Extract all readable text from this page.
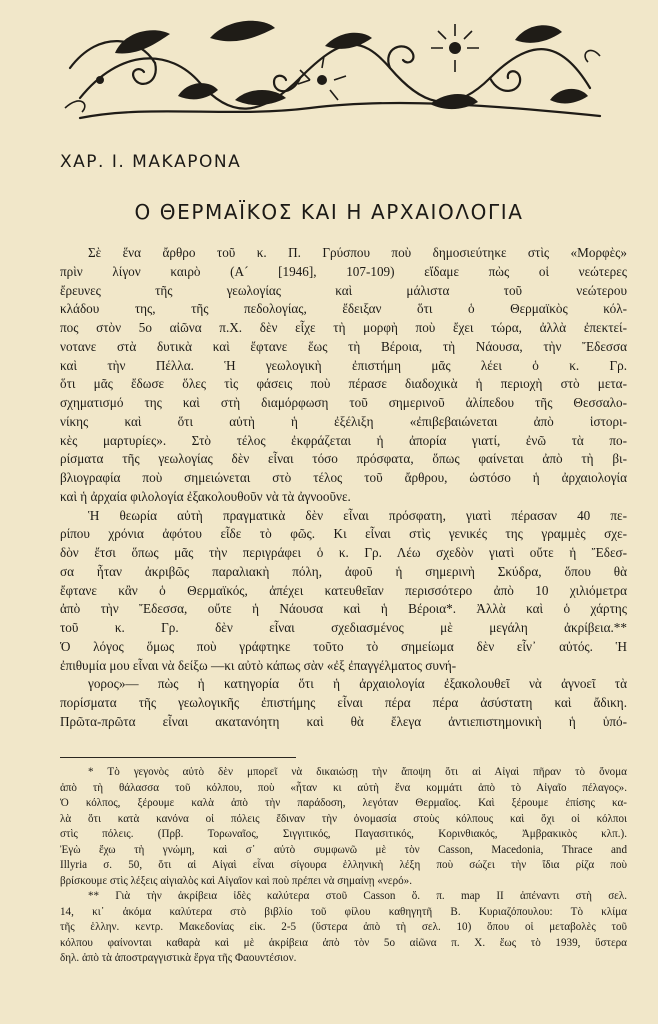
ΧΑΡ. Ι. ΜΑΚΑΡΟΝΑ
Ο ΘΕΡΜΑΪΚΟΣ ΚΑΙ Η ΑΡΧΑΙΟΛΟΓΙΑ
Σὲ ἕνα ἄρθρο τοῦ κ. Π. Γρύσπου ποὺ δημοσιεύτηκε στὶς «Μορφὲς»
πρὶν λίγον καιρὸ (Α´ [1946], 107-109) εἴδαμε πὼς οἱ νεώτερες
ἔρευνες τῆς γεωλογίας καὶ μάλιστα τοῦ νεώτερου
κλάδου της, τῆς πεδολογίας, ἔδειξαν ὅτι ὁ Θερμαϊκὸς κόλ-
πος στὸν 5ο αἰῶνα π.Χ. δὲν εἶχε τὴ μορφὴ ποὺ ἔχει τώρα, ἀλλὰ ἐπεκτεί-
νοτανε στὰ δυτικὰ καὶ ἔφτανε ἕως τὴ Βέροια, τὴ Νάουσα, τὴν Ἔδεσσα
καὶ τὴν Πέλλα. Ἡ γεωλογικὴ ἐπιστήμη μᾶς λέει ὁ κ. Γρ.
ὅτι μᾶς ἔδωσε ὅλες τὶς φάσεις ποὺ πέρασε διαδοχικὰ ἡ περιοχὴ στὸ μετα-
σχηματισμό της καὶ στὴ διαμόρφωση τοῦ σημερινοῦ ἀλίπεδου τῆς Θεσσαλο-
νίκης καὶ ὅτι αὐτὴ ἡ ἐξέλιξη «ἐπιβεβαιώνεται ἀπὸ ἱστορι-
κὲς μαρτυρίες». Στὸ τέλος ἐκφράζεται ἡ ἀπορία γιατί, ἐνῶ τὰ πο-
ρίσματα τῆς γεωλογίας δὲν εἶναι τόσο πρόσφατα, ὅπως φαίνεται ἀπὸ τὴ βι-
βλιογραφία ποὺ σημειώνεται στὸ τέλος τοῦ ἄρθρου, ὡστόσο ἡ ἀρχαιολογία
καὶ ἡ ἀρχαία φιλολογία ἐξακολουθοῦν νὰ τὰ ἀγνοοῦνε.
Ἡ θεωρία αὐτὴ πραγματικὰ δὲν εἶναι πρόσφατη, γιατὶ πέρασαν 40 πε-
ρίπου χρόνια ἀφότου εἶδε τὸ φῶς. Κι εἶναι στὶς γενικές της γραμμὲς σχε-
δὸν ἔτσι ὅπως μᾶς τὴν περιγράφει ὁ κ. Γρ. Λέω σχεδὸν γιατὶ οὔτε ἡ Ἔδεσ-
σα ἦταν ἀκριβῶς παραλιακὴ πόλη, ἀφοῦ ἡ σημερινὴ Σκύδρα, ὅπου θὰ
ἔφτανε κἂν ὁ Θερμαϊκός, ἀπέχει κατευθεῖαν περισσότερο ἀπὸ 10 χιλιόμετρα
ἀπὸ τὴν Ἔδεσσα, οὔτε ἡ Νάουσα καὶ ἡ Βέροια*. Ἀλλὰ καὶ ὁ χάρτης
τοῦ κ. Γρ. δὲν εἶναι σχεδιασμένος μὲ μεγάλη ἀκρίβεια.**
Ὁ λόγος ὅμως ποὺ γράφτηκε τοῦτο τὸ σημείωμα δὲν εἶν᾿ αὐτός. Ἡ
ἐπιθυμία μου εἶναι νὰ δείξω —κι αὐτὸ κάπως σὰν «ἐξ ἐπαγγέλματος συνή-
γορος»— πὼς ἡ κατηγορία ὅτι ἡ ἀρχαιολογία ἐξακολουθεῖ νὰ ἀγνοεῖ τὰ
πορίσματα τῆς γεωλογικῆς ἐπιστήμης εἶναι πέρα πέρα ἀσύστατη καὶ ἄδικη.
Πρῶτα-πρῶτα εἶναι ακατανόητη καὶ θὰ ἔλεγα ἀντιεπιστημονικὴ ἡ ὑπό-
* Τὸ γεγονὸς αὐτὸ δὲν μπορεῖ νὰ δικαιώσῃ τὴν ἄποψη ὅτι αἱ Αἰγαὶ πῆραν τὸ ὄνομα
ἀπὸ τὴ θάλασσα τοῦ κόλπου, ποὺ «ἦταν κι αὐτὴ ἕνα κομμάτι ἀπὸ τὸ Αἰγαῖο πέλαγος».
Ὁ κόλπος, ξέρουμε καλὰ ἀπὸ τὴν παράδοση, λεγόταν Θερμαῖος. Καὶ ξέρουμε ἐπίσης κα-
λὰ ὅτι κατὰ κανόνα οἱ πόλεις ἔδιναν τὴν ὀνομασία στοὺς κόλπους καὶ ὄχι οἱ κόλποι
στὶς πόλεις. (Πρβ. Τορωναῖος, Σιγγιτικός, Παγασιτικός, Κορινθιακός, Ἀμβρακικὸς κλπ.).
Ἐγὼ ἔχω τὴ γνώμη, καὶ σ᾿ αὐτὸ συμφωνῶ μὲ τὸν Casson, Macedonia, Thrace and
Illyria σ. 50, ὅτι αἱ Αἰγαὶ εἶναι σίγουρα ἑλληνικὴ λέξη ποὺ σώζει τὴν ἴδια ρίζα ποὺ
βρίσκουμε στὶς λέξεις αἰγιαλὸς καὶ Αἰγαῖον καὶ ποὺ πρέπει νὰ σημαίνῃ «νερό».
** Γιὰ τὴν ἀκρίβεια ἰδὲς καλύτερα στοῦ Casson ὅ. π. map II ἀπέναντι στὴ σελ.
14, κι᾿ ἀκόμα καλύτερα στὸ βιβλίο τοῦ φίλου καθηγητῆ Β. Κυριαζόπουλου: Τὸ κλίμα
τῆς ἑλλην. κεντρ. Μακεδονίας εἰκ. 2-5 (ὕστερα ἀπὸ τὴ σελ. 10) ὅπου οἱ μεταβολὲς τοῦ
κόλπου φαίνονται καθαρὰ καὶ μὲ ἀκρίβεια ἀπὸ τὸν 5ο αἰῶνα π. Χ. ἕως τὸ 1939, ὕστερα
δηλ. ἀπὸ τὰ ἀποστραγγιστικὰ ἔργα τῆς Φαουντέσιον.
